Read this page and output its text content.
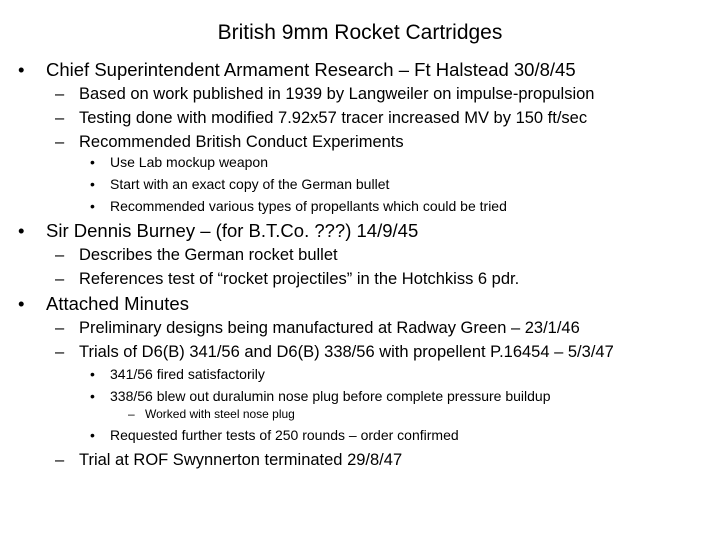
British 9mm Rocket Cartridges
• Chief Superintendent Armament Research – Ft Halstead 30/8/45
– Based on work published in 1939 by Langweiler on impulse-propulsion
– Testing done with modified 7.92x57 tracer increased MV by 150 ft/sec
– Recommended British Conduct Experiments
• Use Lab mockup weapon
• Start with an exact copy of the German bullet
• Recommended various types of propellants which could be tried
• Sir Dennis Burney – (for B.T.Co. ???) 14/9/45
– Describes the German rocket bullet
– References test of “rocket projectiles” in the Hotchkiss 6 pdr.
• Attached Minutes
– Preliminary designs being manufactured at Radway Green – 23/1/46
– Trials of D6(B) 341/56 and D6(B) 338/56 with propellent P.16454 – 5/3/47
• 341/56 fired satisfactorily
• 338/56 blew out duralumin nose plug before complete pressure buildup
– Worked with steel nose plug
• Requested further tests of 250 rounds – order confirmed
– Trial at ROF Swynnerton terminated 29/8/47
